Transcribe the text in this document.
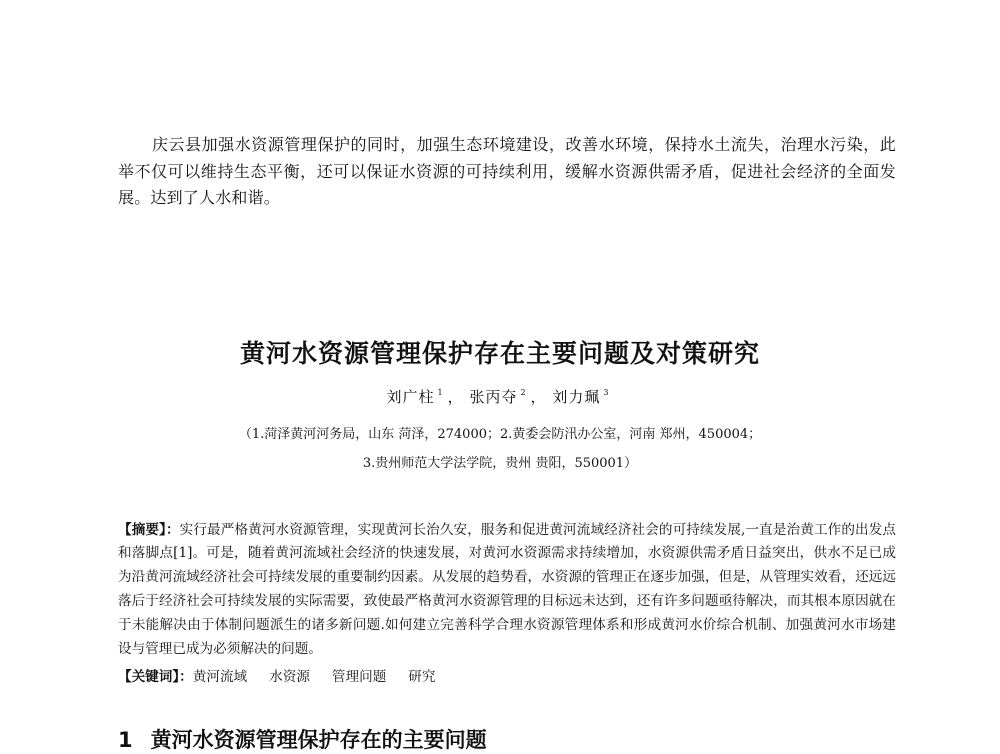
庆云县加强水资源管理保护的同时，加强生态环境建设，改善水环境，保持水土流失，治理水污染，此举不仅可以维持生态平衡，还可以保证水资源的可持续利用，缓解水资源供需矛盾，促进社会经济的全面发展。达到了人水和谐。

黄河水资源管理保护存在主要问题及对策研究
刘广柱 $^1$ ， 张丙夺 $^2$ ， 刘力珮 $^3$
（1.菏泽黄河河务局，山东 菏泽，274000；2.黄委会防汛办公室，河南 郑州，450004；
3.贵州师范大学法学院，贵州 贵阳，550001）

【摘要】：实行最严格黄河水资源管理，实现黄河长治久安，服务和促进黄河流域经济社会的可持续发展,一直是治黄工作的出发点和落脚点[1]。可是，随着黄河流域社会经济的快速发展，对黄河水资源需求持续增加，水资源供需矛盾日益突出，供水不足已成为沿黄河流域经济社会可持续发展的重要制约因素。从发展的趋势看，水资源的管理正在逐步加强，但是，从管理实效看，还远远落后于经济社会可持续发展的实际需要，致使最严格黄河水资源管理的目标远未达到，还有许多问题亟待解决，而其根本原因就在于未能解决由于体制问题派生的诸多新问题.如何建立完善科学合理水资源管理体系和形成黄河水价综合机制、加强黄河水市场建设与管理已成为必须解决的问题。

【关键词】：黄河流域 水资源 管理问题 研究
1 黄河水资源管理保护存在的主要问题
